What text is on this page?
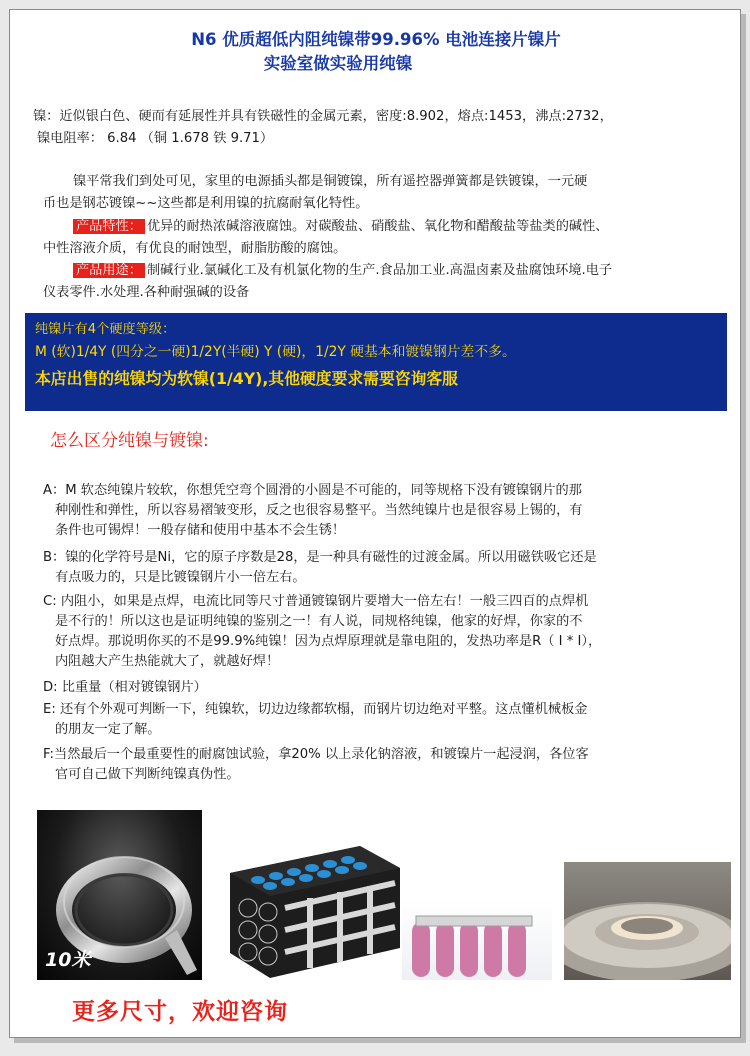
N6 优质超低内阻纯镍带99.96% 电池连接片镍片
实验室做实验用纯镍
镍：近似银白色、硬而有延展性并具有铁磁性的金属元素，密度:8.902，熔点:1453，沸点:2732，
镍电阻率： 6.84 （铜 1.678 铁 9.71）
镍平常我们到处可见，家里的电源插头都是铜镀镍，所有遥控器弹簧都是铁镀镍，一元硬
币也是钢芯镀镍~~这些都是利用镍的抗腐耐氧化特性。
产品特性： 优异的耐热浓碱溶液腐蚀。对碳酸盐、硝酸盐、氧化物和醋酸盐等盐类的碱性、
中性溶液介质，有优良的耐蚀型，耐脂肪酸的腐蚀。
产品用途： 制碱行业.氯碱化工及有机氯化物的生产.食品加工业.高温卤素及盐腐蚀环境.电子
仪表零件.水处理.各种耐强碱的设备
纯镍片有4个硬度等级：
M (软)1/4Y (四分之一硬)1/2Y(半硬) Y (硬)，1/2Y 硬基本和镀镍钢片差不多。
本店出售的纯镍均为软镍(1/4Y),其他硬度要求需要咨询客服
怎么区分纯镍与镀镍:
A：M 软态纯镍片较软，你想凭空弯个圆滑的小圆是不可能的，同等规格下没有镀镍钢片的那
种刚性和弹性，所以容易褶皱变形，反之也很容易整平。当然纯镍片也是很容易上锡的，有
条件也可锡焊！一般存储和使用中基本不会生锈！
B：镍的化学符号是Ni，它的原子序数是28，是一种具有磁性的过渡金属。所以用磁铁吸它还是
有点吸力的，只是比镀镍钢片小一倍左右。
C: 内阻小，如果是点焊，电流比同等尺寸普通镀镍钢片要增大一倍左右！一般三四百的点焊机
是不行的！所以这也是证明纯镍的鉴别之一！有人说，同规格纯镍，他家的好焊，你家的不
好点焊。那说明你买的不是99.9%纯镍！因为点焊原理就是靠电阻的，发热功率是R（ I * I），
内阻越大产生热能就大了，就越好焊！
D: 比重量（相对镀镍钢片）
E: 还有个外观可判断一下，纯镍软，切边边缘都软榻，而钢片切边绝对平整。这点懂机械板金
的朋友一定了解。
F:当然最后一个最重要性的耐腐蚀试验，拿20% 以上录化钠溶液，和镀镍片一起浸润，各位客
官可自己做下判断纯镍真伪性。
10米
更多尺寸，欢迎咨询
